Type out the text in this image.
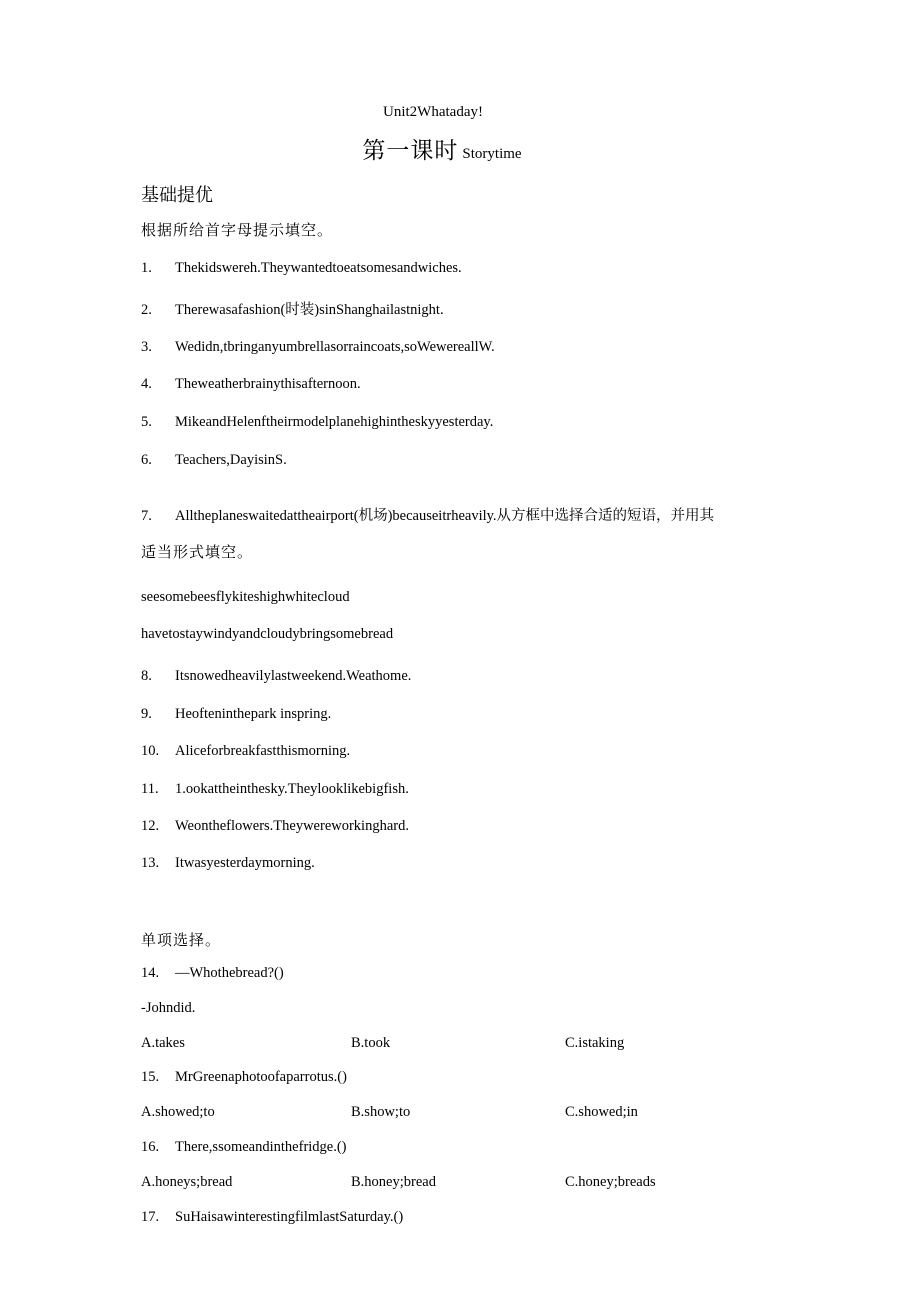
Unit2Whataday!
第一课时 Storytime
基础提优
根据所给首字母提示填空。
1. Thekidswereh.Theywantedtoeatsomesandwiches.
2. Therewasafashion(时装)sinShanghailastnight.
3. Wedidn,tbringanyumbrellasorraincoats,soWewereallW.
4. Theweatherbrainythisafternoon.
5. MikeandHelenftheirmodelplanehighintheskyyesterday.
6. Teachers,DayisinS.
7. Alltheplaneswaitedattheairport(机场)becauseitrheavily.从方框中选择合适的短语，并用其
适当形式填空。
seesomebeesflykiteshighwhitecloud
havetostaywindyandcloudybringsomebread
8. Itsnowedheavilylastweekend.Weathome.
9. Heofteninthepark inspring.
10. Aliceforbreakfastthismorning.
11. 1.ookattheinthesky.Theylooklikebigfish.
12. Weontheflowers.Theywereworkinghard.
13. Itwasyesterdaymorning.
单项选择。
14. —Whothebread?()
-Johndid.
A.takes	B.took	C.istaking
15. MrGreenaphotoofaparrotus.()
A.showed;to	B.show;to	C.showed;in
16. There,ssomeandinthefridge.()
A.honeys;bread	B.honey;bread	C.honey;breads
17. SuHaisawinterestingfilmlastSaturday.()
